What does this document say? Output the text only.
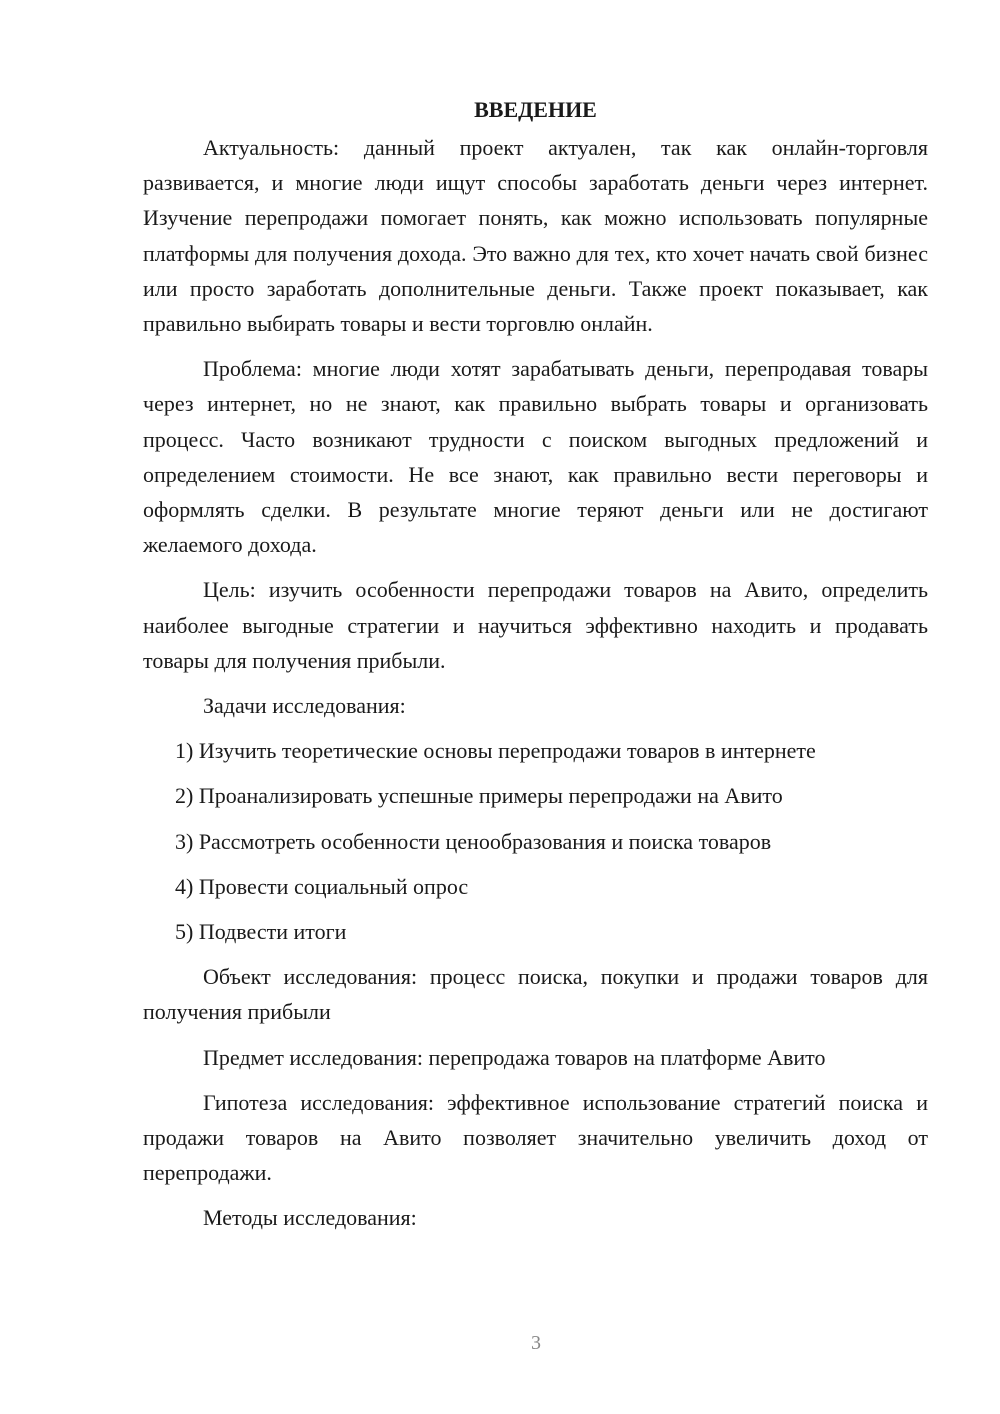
ВВЕДЕНИЕ

Актуальность: данный проект актуален, так как онлайн-торговля развивается, и многие люди ищут способы заработать деньги через интернет. Изучение перепродажи помогает понять, как можно использовать популярные платформы для получения дохода. Это важно для тех, кто хочет начать свой бизнес или просто заработать дополнительные деньги. Также проект показывает, как правильно выбирать товары и вести торговлю онлайн.

Проблема: многие люди хотят зарабатывать деньги, перепродавая товары через интернет, но не знают, как правильно выбрать товары и организовать процесс. Часто возникают трудности с поиском выгодных предложений и определением стоимости. Не все знают, как правильно вести переговоры и оформлять сделки. В результате многие теряют деньги или не достигают желаемого дохода.

Цель: изучить особенности перепродажи товаров на Авито, определить наиболее выгодные стратегии и научиться эффективно находить и продавать товары для получения прибыли.

Задачи исследования:

1) Изучить теоретические основы перепродажи товаров в интернете
2) Проанализировать успешные примеры перепродажи на Авито
3) Рассмотреть особенности ценообразования и поиска товаров
4) Провести социальный опрос
5) Подвести итоги

Объект исследования: процесс поиска, покупки и продажи товаров для получения прибыли

Предмет исследования: перепродажа товаров на платформе Авито

Гипотеза исследования: эффективное использование стратегий поиска и продажи товаров на Авито позволяет значительно увеличить доход от перепродажи.

Методы исследования:

3
